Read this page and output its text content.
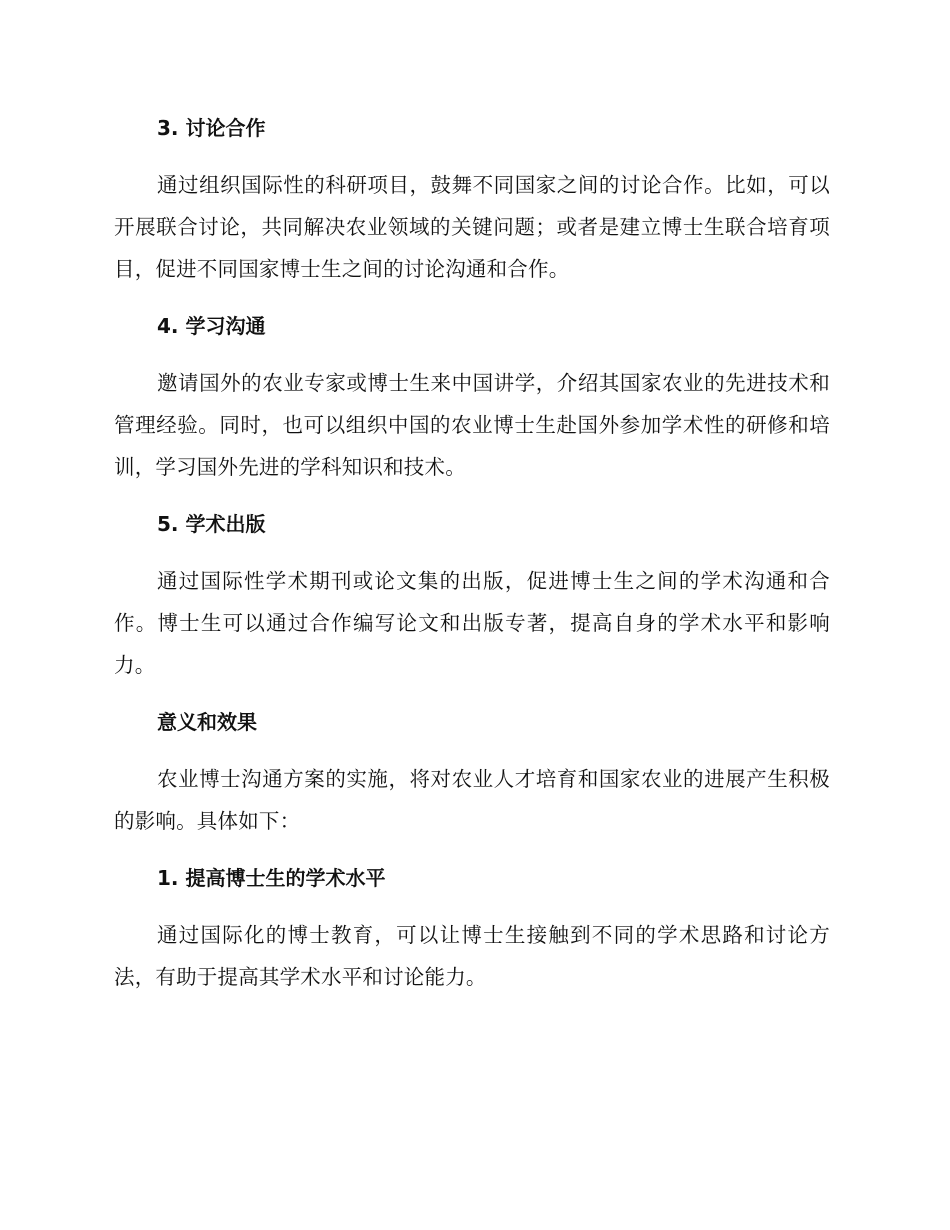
3. 讨论合作

通过组织国际性的科研项目，鼓舞不同国家之间的讨论合作。比如，可以开展联合讨论，共同解决农业领域的关键问题；或者是建立博士生联合培育项目，促进不同国家博士生之间的讨论沟通和合作。

4. 学习沟通

邀请国外的农业专家或博士生来中国讲学，介绍其国家农业的先进技术和管理经验。同时，也可以组织中国的农业博士生赴国外参加学术性的研修和培训，学习国外先进的学科知识和技术。

5. 学术出版

通过国际性学术期刊或论文集的出版，促进博士生之间的学术沟通和合作。博士生可以通过合作编写论文和出版专著，提高自身的学术水平和影响力。

意义和效果

农业博士沟通方案的实施，将对农业人才培育和国家农业的进展产生积极的影响。具体如下：

1. 提高博士生的学术水平

通过国际化的博士教育，可以让博士生接触到不同的学术思路和讨论方法，有助于提高其学术水平和讨论能力。
